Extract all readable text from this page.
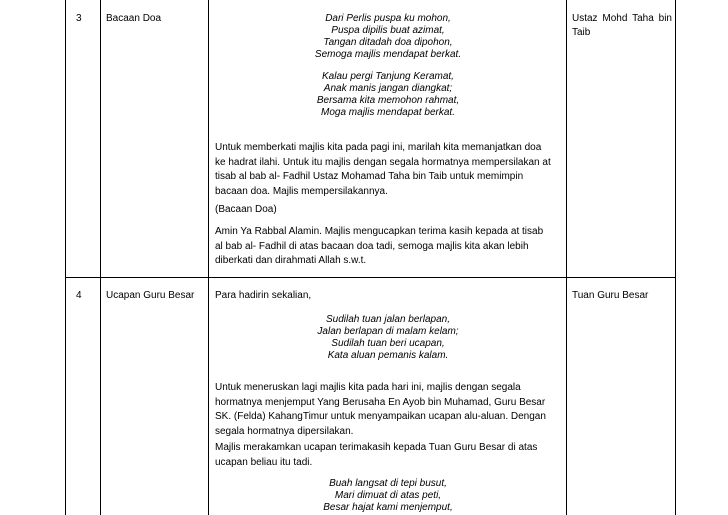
3 Bacaan Doa	Ustaz Mohd Taha bin Taib
Dari Perlis puspa ku mohon,
Puspa dipilis buat azimat,
Tangan ditadah doa dipohon,
Semoga majlis mendapat berkat.
Kalau pergi Tanjung Keramat,
Anak manis jangan diangkat;
Bersama kita memohon rahmat,
Moga majlis mendapat berkat.
Untuk memberkati majlis kita pada pagi ini, marilah kita memanjatkan doa
ke hadrat ilahi. Untuk itu majlis dengan segala hormatnya mempersilakan at
tisab al bab al- Fadhil Ustaz Mohamad Taha bin Taib untuk memimpin
bacaan doa. Majlis mempersilakannya.
(Bacaan Doa)
Amin Ya Rabbal Alamin. Majlis mengucapkan terima kasih kepada at tisab
al bab al- Fadhil di atas bacaan doa tadi, semoga majlis kita akan lebih
diberkati dan dirahmati Allah s.w.t.
4 Ucapan Guru Besar	Tuan Guru Besar
Para hadirin sekalian,
Sudilah tuan jalan berlapan,
Jalan berlapan di malam kelam;
Sudilah tuan beri ucapan,
Kata aluan pemanis kalam.
Untuk meneruskan lagi majlis kita pada hari ini, majlis dengan segala
hormatnya menjemput Yang Berusaha En Ayob bin Muhamad, Guru Besar
SK. (Felda) KahangTimur untuk menyampaikan ucapan alu-aluan. Dengan
segala hormatnya dipersilakan.
Majlis merakamkan ucapan terimakasih kepada Tuan Guru Besar di atas
ucapan beliau itu tadi.
Buah langsat di tepi busut,
Mari dimuat di atas peti,
Besar hajat kami menjemput,
